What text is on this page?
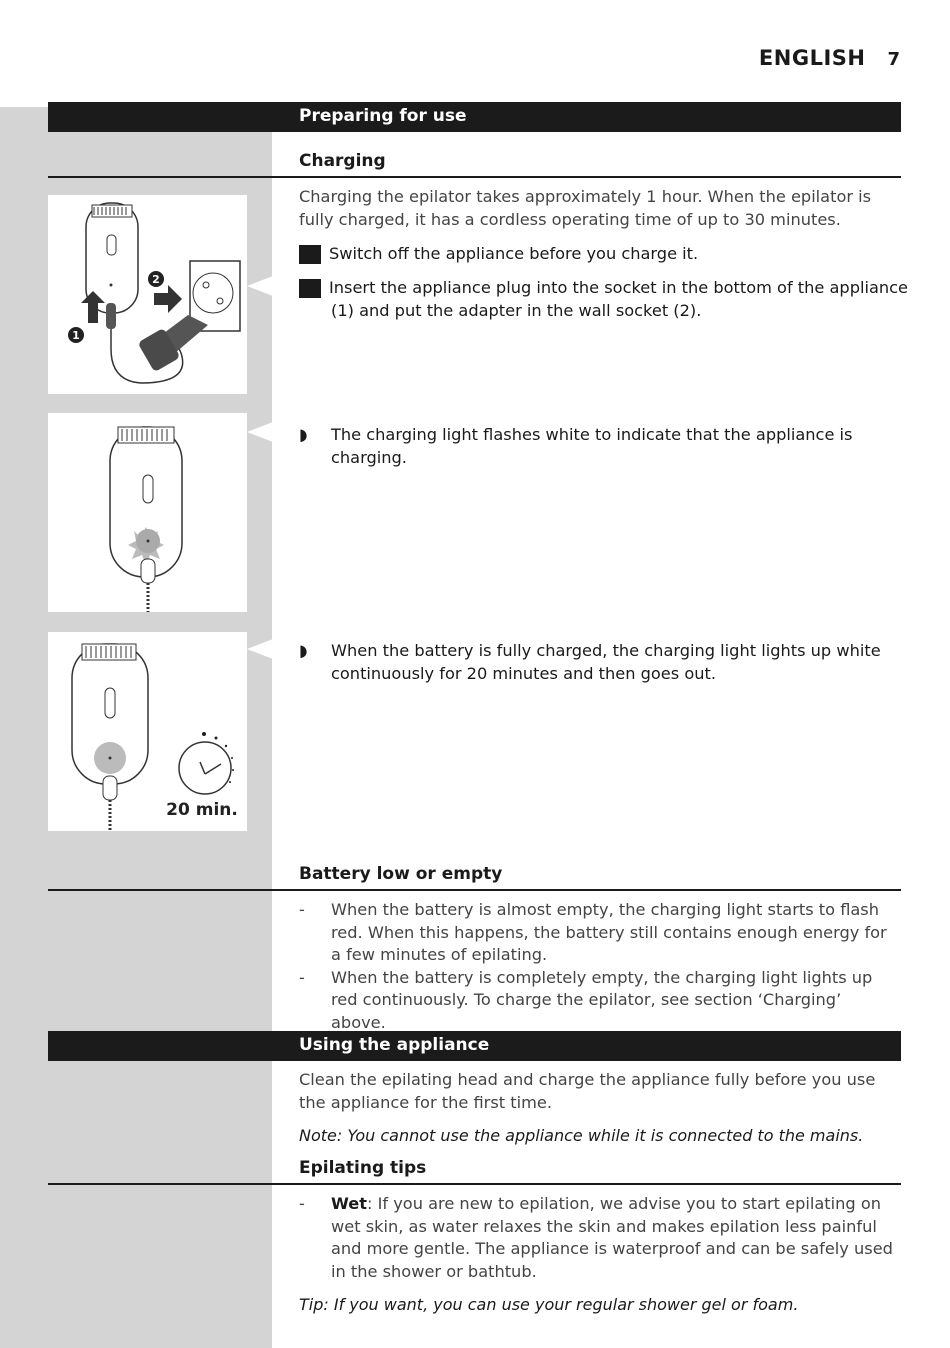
ENGLISH 7
Preparing for use
Charging
Charging the epilator takes approximately 1 hour. When the epilator is fully charged, it has a cordless operating time of up to 30 minutes.
1 Switch off the appliance before you charge it.
2 Insert the appliance plug into the socket in the bottom of the appliance (1) and put the adapter in the wall socket (2).
◗ The charging light flashes white to indicate that the appliance is charging.
◗ When the battery is fully charged, the charging light lights up white continuously for 20 minutes and then goes out.
1
2
20 min.
Battery low or empty
- When the battery is almost empty, the charging light starts to flash red. When this happens, the battery still contains enough energy for a few minutes of epilating.
- When the battery is completely empty, the charging light lights up red continuously. To charge the epilator, see section ‘Charging’ above.
Using the appliance
Clean the epilating head and charge the appliance fully before you use the appliance for the first time.
Note: You cannot use the appliance while it is connected to the mains.
Epilating tips
- Wet: If you are new to epilation, we advise you to start epilating on wet skin, as water relaxes the skin and makes epilation less painful and more gentle. The appliance is waterproof and can be safely used in the shower or bathtub.
Tip: If you want, you can use your regular shower gel or foam.
